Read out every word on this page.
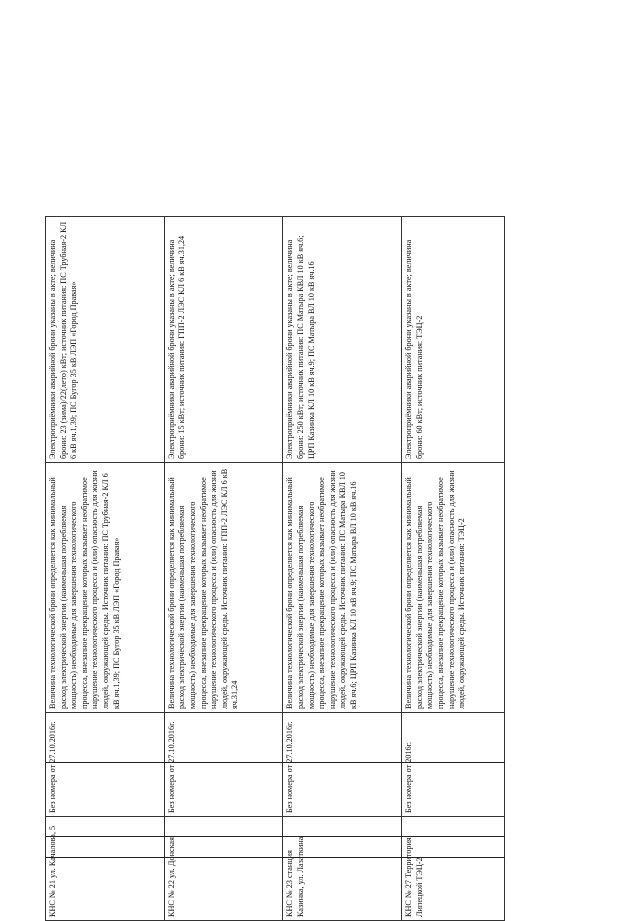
КНС № 21 ул. Качалова, 5	Без номера от 27.10.2016г.	Величина технологической брони определяется как минимальный расход электрической энергии (наименьшая потребляемая мощность) необходимые для завершения технологического процесса, внезапное прекращение которых вызывает необратимое нарушение технологического процесса и (или) опасность для жизни людей, окружающей среды. Источник питания: ПС Трубная-2 КЛ 6 кВ яч.1,39; ПС Бугор 35 кВ ЛЭП «Город Правая»	Электроприёмники аварийной брони указаны в акте; величина брони: 23 (зима)/22(лето) кВт; источник питания: ПС Трубная-2 КЛ 6 кВ яч.1,39; ПС Бугор 35 кВ ЛЭП «Город Правая»
КНС № 22 ул. Донская	Без номера от 27.10.2016г.	Величина технологической брони определяется как минимальный расход электрической энергии (наименьшая потребляемая мощность) необходимые для завершения технологического процесса, внезапное прекращение которых вызывает необратимое нарушение технологического процесса и (или) опасность для жизни людей, окружающей среды. Источник питания: ГПП-2 ЛЭС КЛ 6 кВ яч.31,24	Электроприёмники аварийной брони указаны в акте; величина брони: 15 кВт; источник питания: ГПП-2 ЛЭС КЛ 6 кВ яч.31,24
КНС № 23 станция Казинка, ул. Лазаткина	Без номера от 27.10.2016г.	Величина технологической брони определяется как минимальный расход электрической энергии (наименьшая потребляемая мощность) необходимые для завершения технологического процесса, внезапное прекращение которых вызывает необратимое нарушение технологического процесса и (или) опасность для жизни людей, окружающей среды. Источник питания: ПС Матыра КВЛ 10 кВ яч.6; ЦРП Казинка КЛ 10 кВ яч.9; ПС Матыра ВЛ 10 кВ яч.16	Электроприёмники аварийной брони указаны в акте; величина брони: 250 кВт; источник питания: ПС Матыра КВЛ 10 кВ яч.6; ЦРП Казинка КЛ 10 кВ яч.9; ПС Матыра ВЛ 10 кВ яч.16
КНС № 27 Территория Липецкой ТЭЦ-2	Без номера от 2016г.	Величина технологической брони определяется как минимальный расход электрической энергии (наименьшая потребляемая мощность) необходимые для завершения технологического процесса, внезапное прекращение которых вызывает необратимое нарушение технологического процесса и (или) опасность для жизни людей, окружающей среды. Источник питания: ТЭЦ-2	Электроприёмники аварийной брони указаны в акте; величина брони: 60 кВт; источник питания: ТЭЦ-2
